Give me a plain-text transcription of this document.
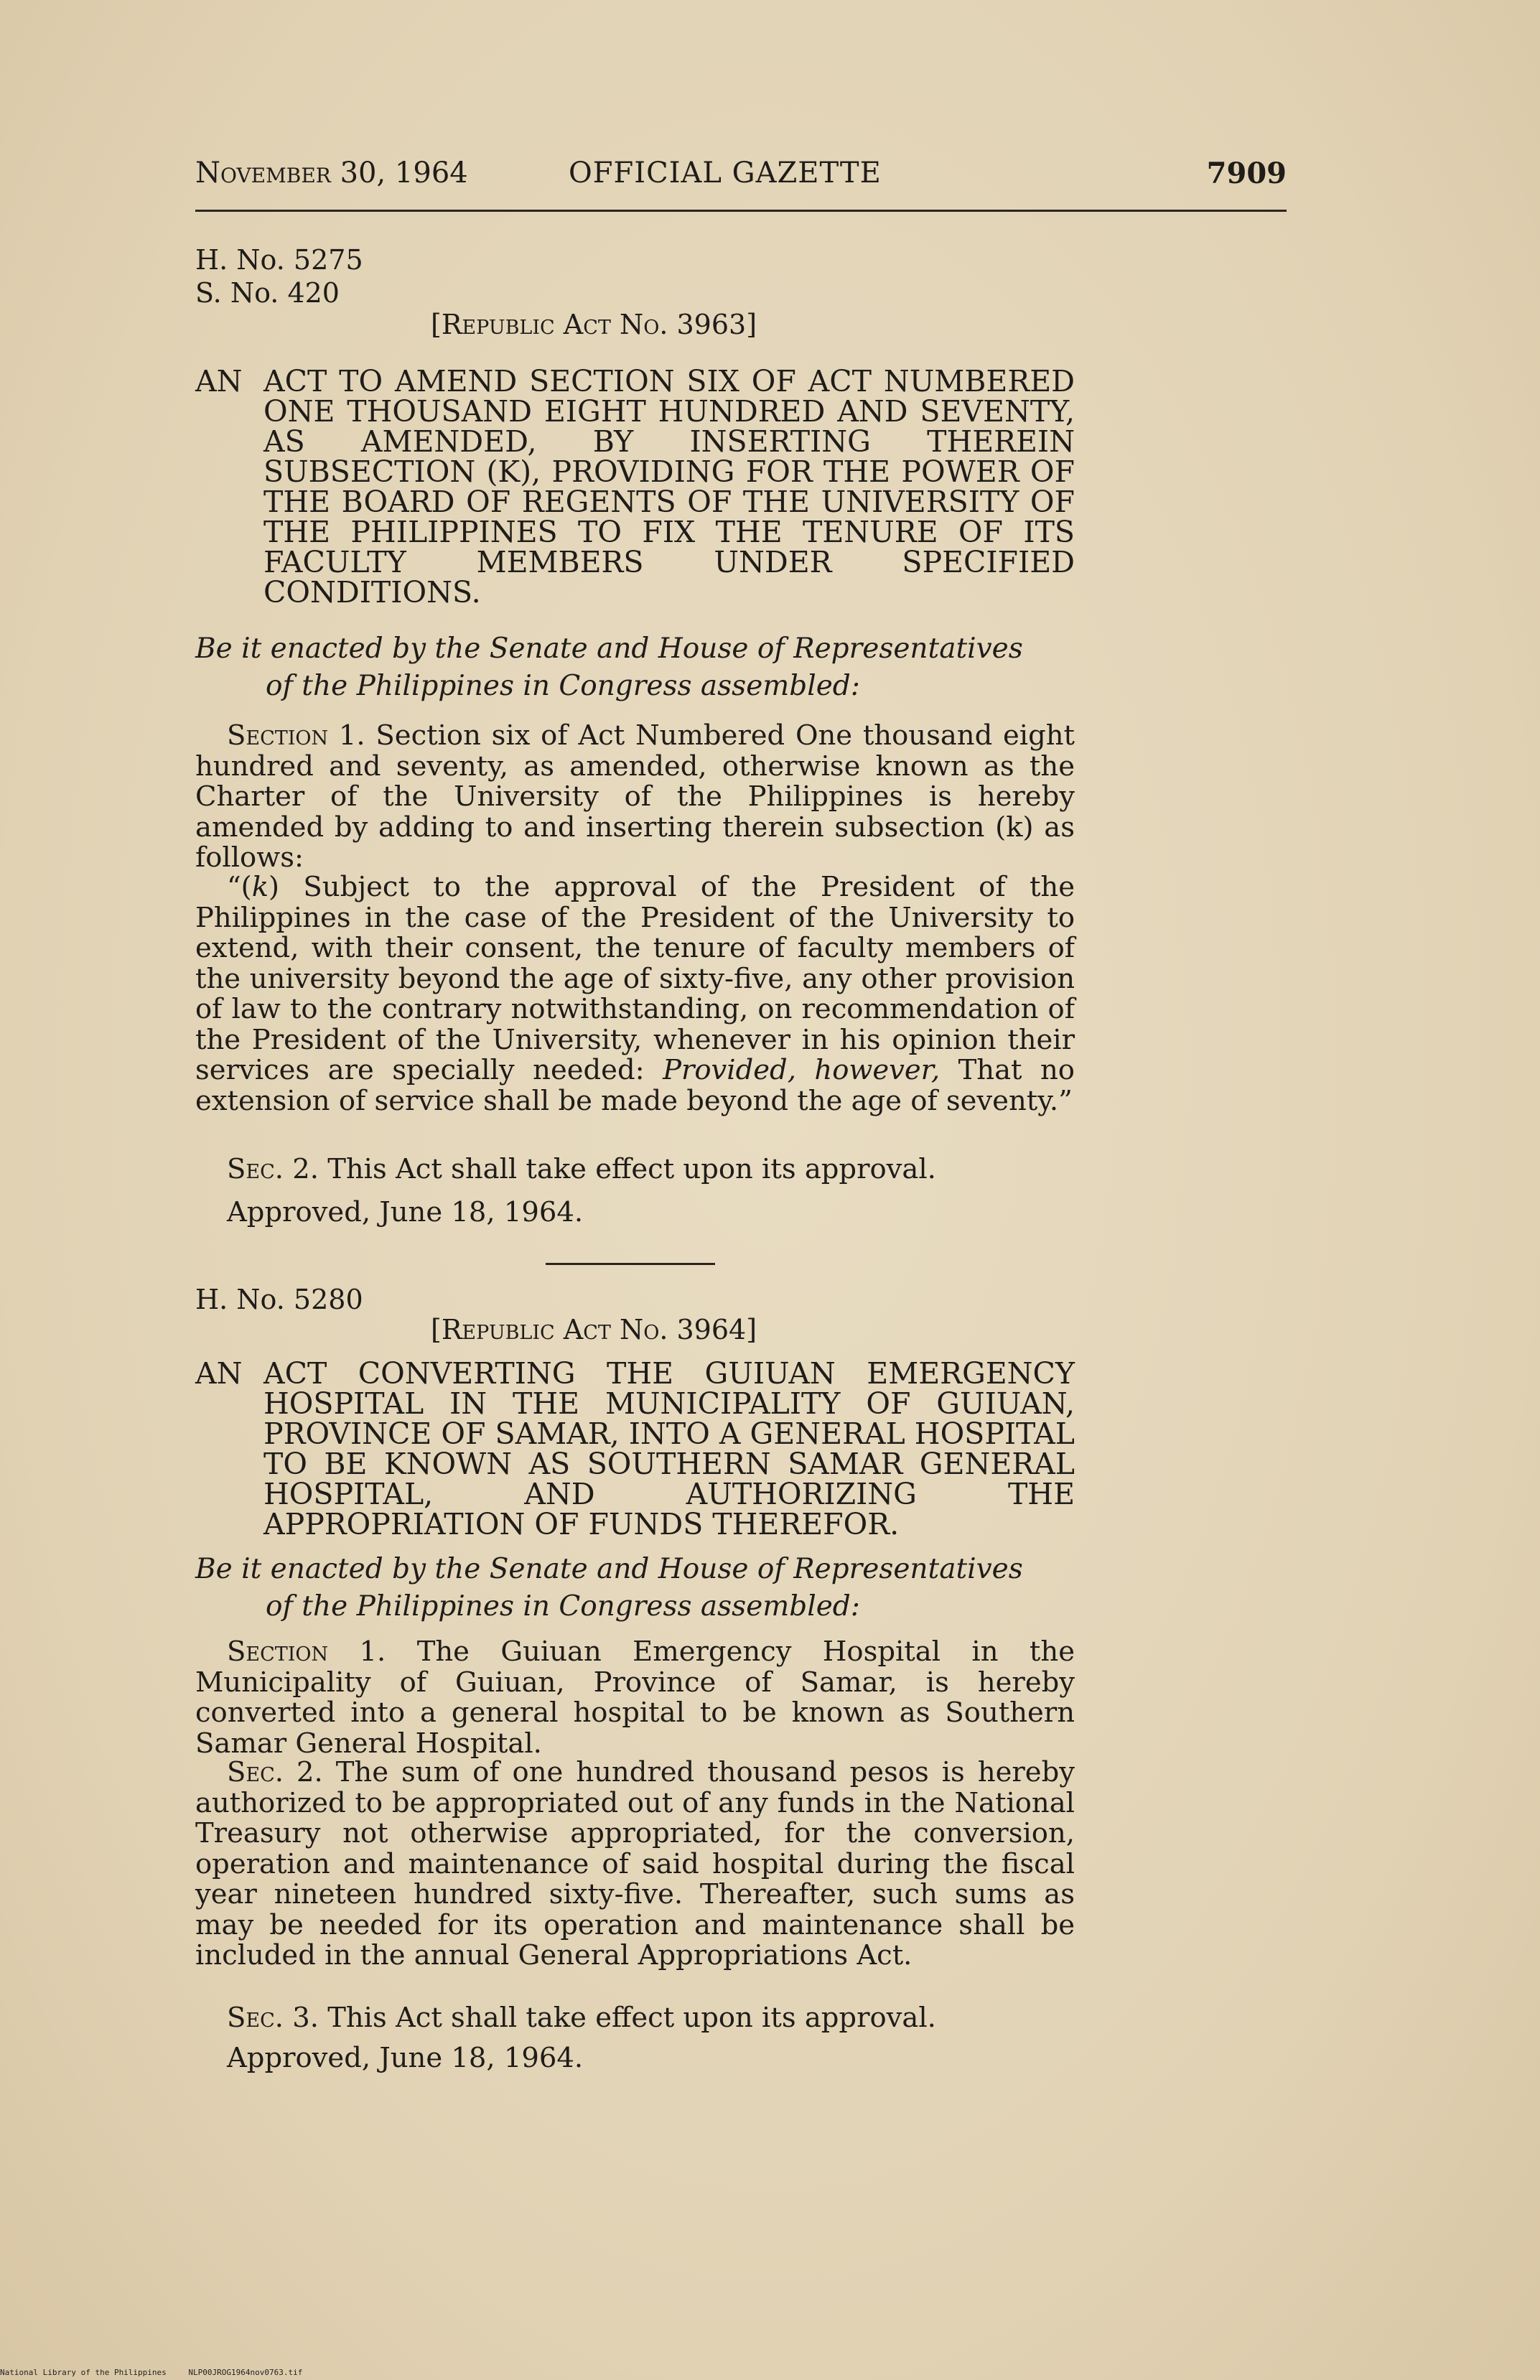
November 30, 1964	OFFICIAL GAZETTE	7909
H. No. 5275
S. No. 420
[Republic Act No. 3963]
AN ACT TO AMEND SECTION SIX OF ACT NUMBERED ONE THOUSAND EIGHT HUNDRED AND SEVENTY, AS AMENDED, BY INSERTING THEREIN SUBSECTION (K), PROVIDING FOR THE POWER OF THE BOARD OF REGENTS OF THE UNIVERSITY OF THE PHILIPPINES TO FIX THE TENURE OF ITS FACULTY MEMBERS UNDER SPECIFIED CONDITIONS.
Be it enacted by the Senate and House of Representatives
of the Philippines in Congress assembled:
Section 1. Section six of Act Numbered One thousand eight hundred and seventy, as amended, otherwise known as the Charter of the University of the Philippines is hereby amended by adding to and inserting therein subsection (k) as follows:
“(k) Subject to the approval of the President of the Philippines in the case of the President of the University to extend, with their consent, the tenure of faculty members of the university beyond the age of sixty-five, any other provision of law to the contrary notwithstanding, on recommendation of the President of the University, whenever in his opinion their services are specially needed: Provided, however, That no extension of service shall be made beyond the age of seventy.”
Sec. 2. This Act shall take effect upon its approval.
Approved, June 18, 1964.
H. No. 5280
[Republic Act No. 3964]
AN ACT CONVERTING THE GUIUAN EMERGENCY HOSPITAL IN THE MUNICIPALITY OF GUIUAN, PROVINCE OF SAMAR, INTO A GENERAL HOSPITAL TO BE KNOWN AS SOUTHERN SAMAR GENERAL HOSPITAL, AND AUTHORIZING THE APPROPRIATION OF FUNDS THEREFOR.
Be it enacted by the Senate and House of Representatives
of the Philippines in Congress assembled:
Section 1. The Guiuan Emergency Hospital in the Municipality of Guiuan, Province of Samar, is hereby converted into a general hospital to be known as Southern Samar General Hospital.
Sec. 2. The sum of one hundred thousand pesos is hereby authorized to be appropriated out of any funds in the National Treasury not otherwise appropriated, for the conversion, operation and maintenance of said hospital during the fiscal year nineteen hundred sixty-five. Thereafter, such sums as may be needed for its operation and maintenance shall be included in the annual General Appropriations Act.
Sec. 3. This Act shall take effect upon its approval.
Approved, June 18, 1964.
National Library of the Philippines	NLP00JROG1964nov0763.tif
